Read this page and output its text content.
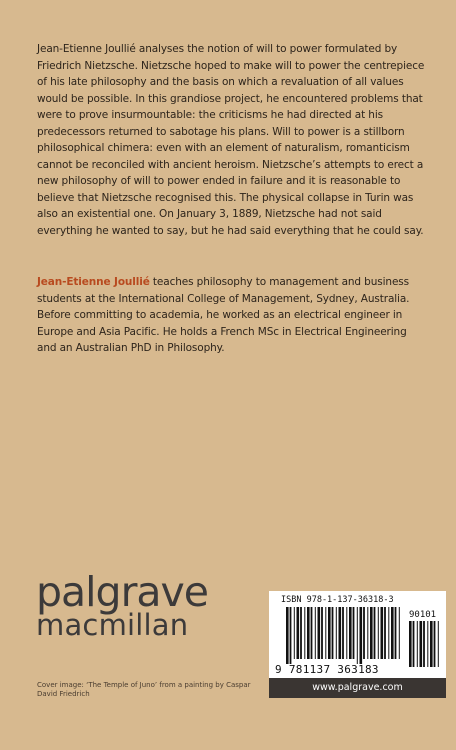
Jean-Etienne Joullié analyses the notion of will to power formulated by Friedrich Nietzsche. Nietzsche hoped to make will to power the centrepiece of his late philosophy and the basis on which a revaluation of all values would be possible. In this grandiose project, he encountered problems that were to prove insurmountable: the criticisms he had directed at his predecessors returned to sabotage his plans. Will to power is a stillborn philosophical chimera: even with an element of naturalism, romanticism cannot be reconciled with ancient heroism. Nietzsche’s attempts to erect a new philosophy of will to power ended in failure and it is reasonable to believe that Nietzsche recognised this. The physical collapse in Turin was also an existential one. On January 3, 1889, Nietzsche had not said everything he wanted to say, but he had said everything that he could say.

Jean-Etienne Joullié teaches philosophy to management and business students at the International College of Management, Sydney, Australia. Before committing to academia, he worked as an electrical engineer in Europe and Asia Pacific. He holds a French MSc in Electrical Engineering and an Australian PhD in Philosophy.

palgrave
macmillan

Cover image: ‘The Temple of Juno’ from a painting by Caspar David Friedrich

ISBN 978-1-137-36318-3
90101
9 781137 363183
www.palgrave.com
